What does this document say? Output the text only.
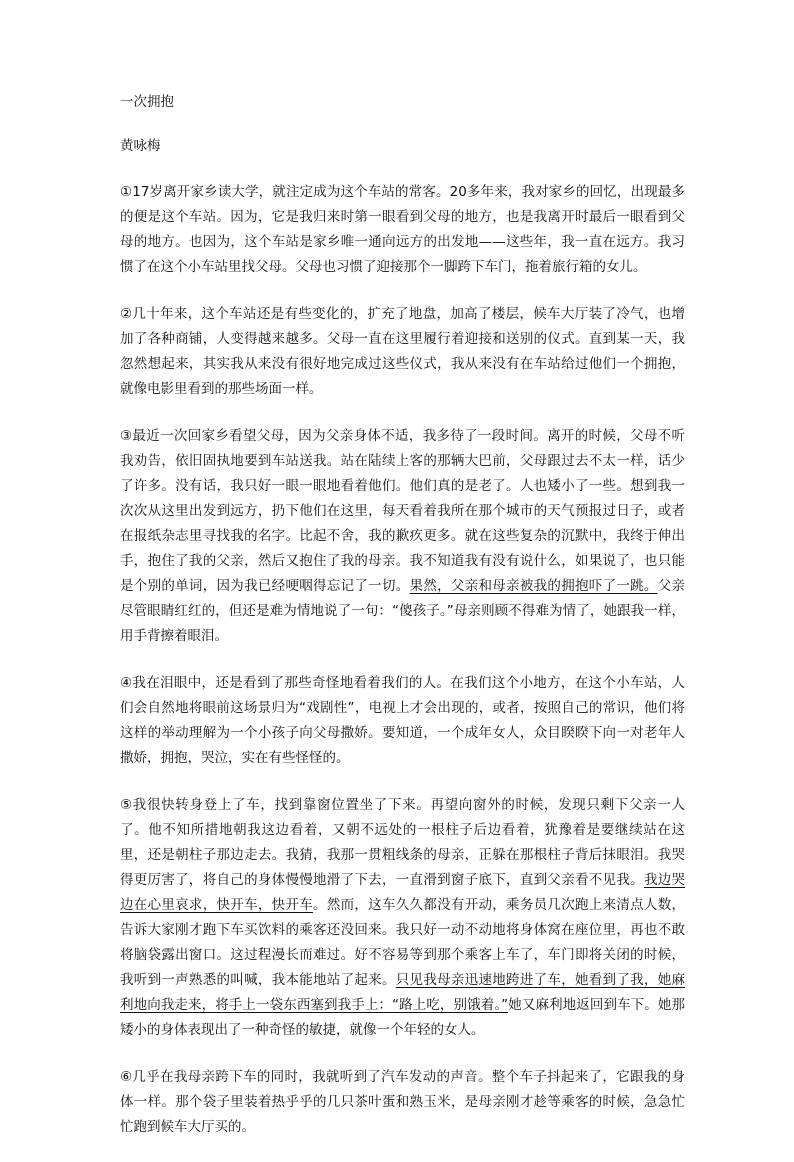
一次拥抱
黄咏梅

①17岁离开家乡读大学，就注定成为这个车站的常客。20多年来，我对家乡的回忆，出现最多的便是这个车站。因为，它是我归来时第一眼看到父母的地方，也是我离开时最后一眼看到父母的地方。也因为，这个车站是家乡唯一通向远方的出发地——这些年，我一直在远方。我习惯了在这个小车站里找父母。父母也习惯了迎接那个一脚跨下车门，拖着旅行箱的女儿。

②几十年来，这个车站还是有些变化的，扩充了地盘，加高了楼层，候车大厅装了冷气，也增加了各种商铺，人变得越来越多。父母一直在这里履行着迎接和送别的仪式。直到某一天，我忽然想起来，其实我从来没有很好地完成过这些仪式，我从来没有在车站给过他们一个拥抱，就像电影里看到的那些场面一样。

③最近一次回家乡看望父母，因为父亲身体不适，我多待了一段时间。离开的时候，父母不听我劝告，依旧固执地要到车站送我。站在陆续上客的那辆大巴前，父母跟过去不太一样，话少了许多。没有话，我只好一眼一眼地看着他们。他们真的是老了。人也矮小了一些。想到我一次次从这里出发到远方，扔下他们在这里，每天看着我所在那个城市的天气预报过日子，或者在报纸杂志里寻找我的名字。比起不舍，我的歉疚更多。就在这些复杂的沉默中，我终于伸出手，抱住了我的父亲，然后又抱住了我的母亲。我不知道我有没有说什么，如果说了，也只能是个别的单词，因为我已经哽咽得忘记了一切。果然，父亲和母亲被我的拥抱吓了一跳。父亲尽管眼睛红红的，但还是难为情地说了一句：“傻孩子。”母亲则顾不得难为情了，她跟我一样，用手背擦着眼泪。

④我在泪眼中，还是看到了那些奇怪地看着我们的人。在我们这个小地方，在这个小车站，人们会自然地将眼前这场景归为“戏剧性”，电视上才会出现的，或者，按照自己的常识，他们将这样的举动理解为一个小孩子向父母撒娇。要知道，一个成年女人，众目睽睽下向一对老年人撒娇，拥抱，哭泣，实在有些怪怪的。

⑤我很快转身登上了车，找到靠窗位置坐了下来。再望向窗外的时候，发现只剩下父亲一人了。他不知所措地朝我这边看着，又朝不远处的一根柱子后边看着，犹豫着是要继续站在这里，还是朝柱子那边走去。我猜，我那一贯粗线条的母亲，正躲在那根柱子背后抹眼泪。我哭得更厉害了，将自己的身体慢慢地滑了下去，一直滑到窗子底下，直到父亲看不见我。我边哭边在心里哀求，快开车，快开车。然而，这车久久都没有开动，乘务员几次跑上来清点人数，告诉大家刚才跑下车买饮料的乘客还没回来。我只好一动不动地将身体窝在座位里，再也不敢将脑袋露出窗口。这过程漫长而难过。好不容易等到那个乘客上车了，车门即将关闭的时候，我听到一声熟悉的叫喊，我本能地站了起来。只见我母亲迅速地跨进了车，她看到了我，她麻利地向我走来，将手上一袋东西塞到我手上：“路上吃，别饿着。”她又麻利地返回到车下。她那矮小的身体表现出了一种奇怪的敏捷，就像一个年轻的女人。

⑥几乎在我母亲跨下车的同时，我就听到了汽车发动的声音。整个车子抖起来了，它跟我的身体一样。那个袋子里装着热乎乎的几只茶叶蛋和熟玉米，是母亲刚才趁等乘客的时候，急急忙忙跑到候车大厅买的。
